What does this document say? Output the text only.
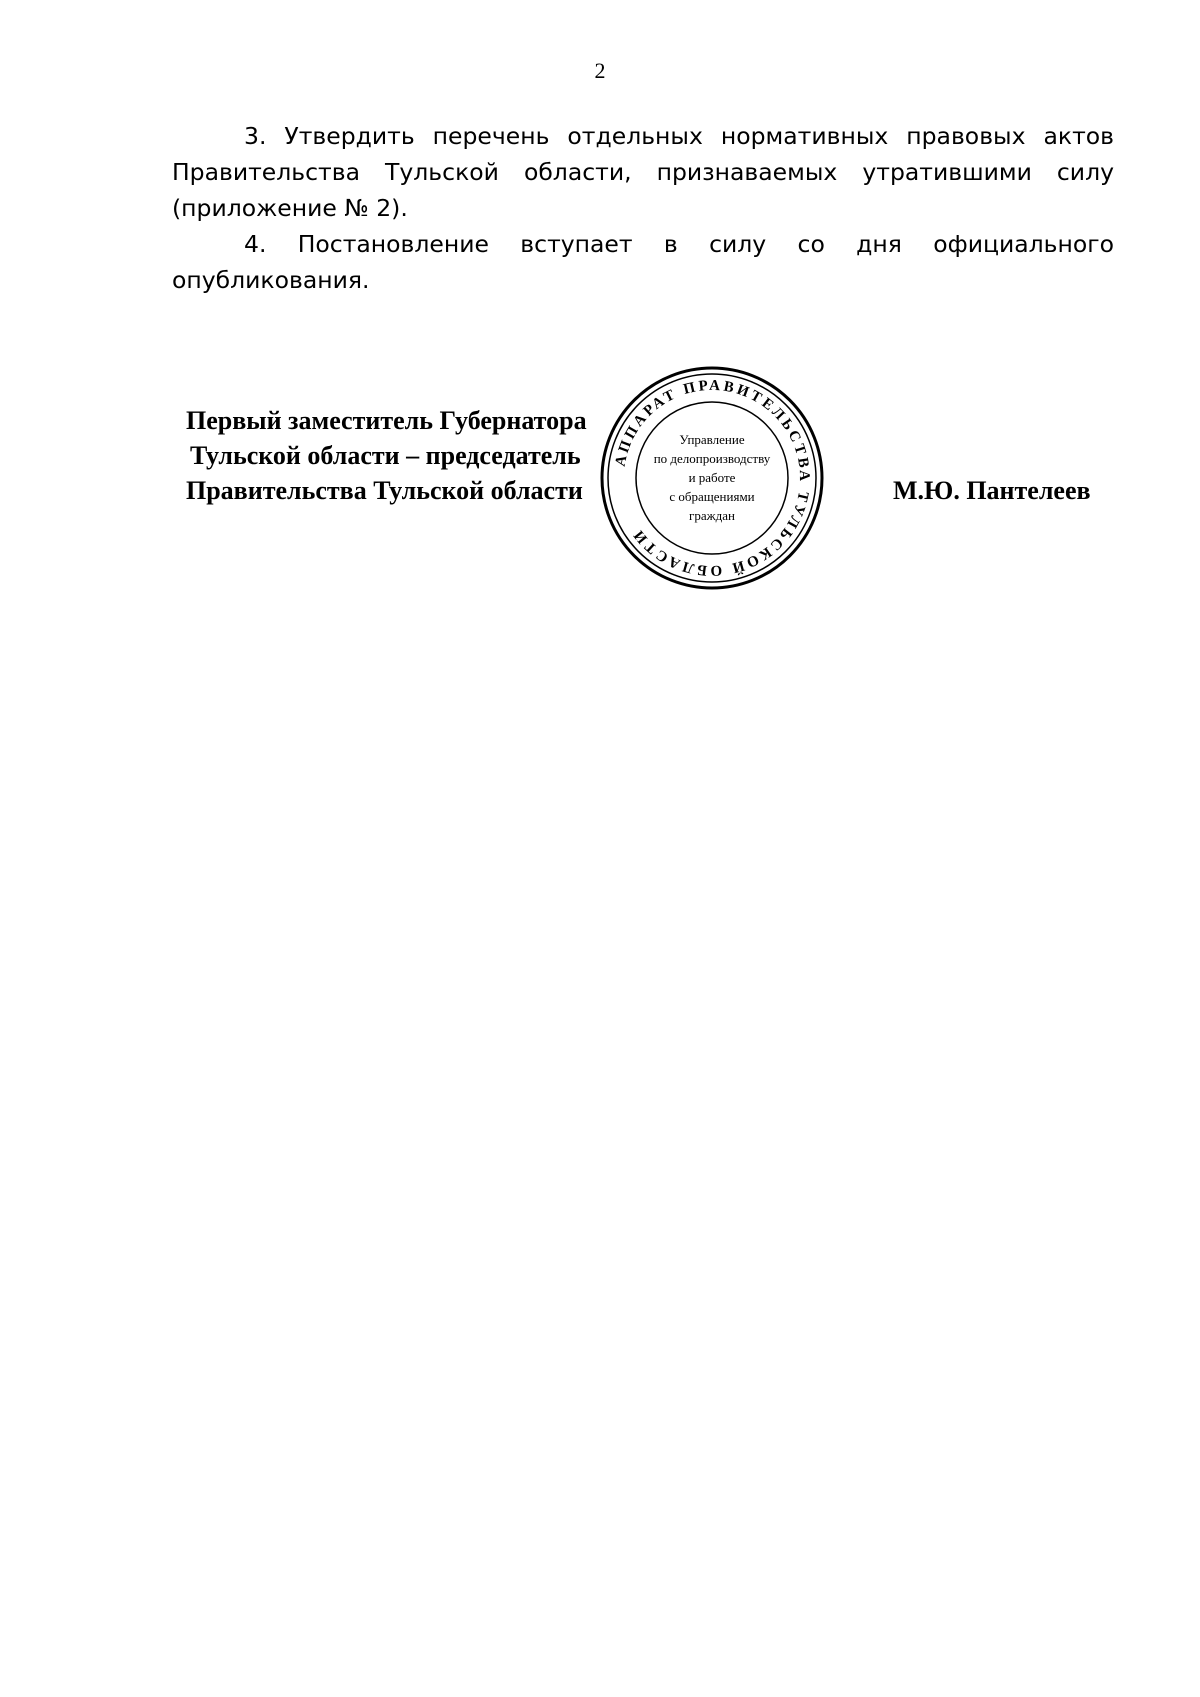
2

3. Утвердить перечень отдельных нормативных правовых актов Правительства Тульской области, признаваемых утратившими силу (приложение № 2).

4. Постановление вступает в силу со дня официального опубликования.

Первый заместитель Губернатора
Тульской области – председатель
Правительства Тульской области	М.Ю. Пантелеев
АППАРАТ ПРАВИТЕЛЬСТВА ТУЛЬСКОЙ ОБЛАСТИ
Управление
по делопроизводству
и работе
с обращениями
граждан
